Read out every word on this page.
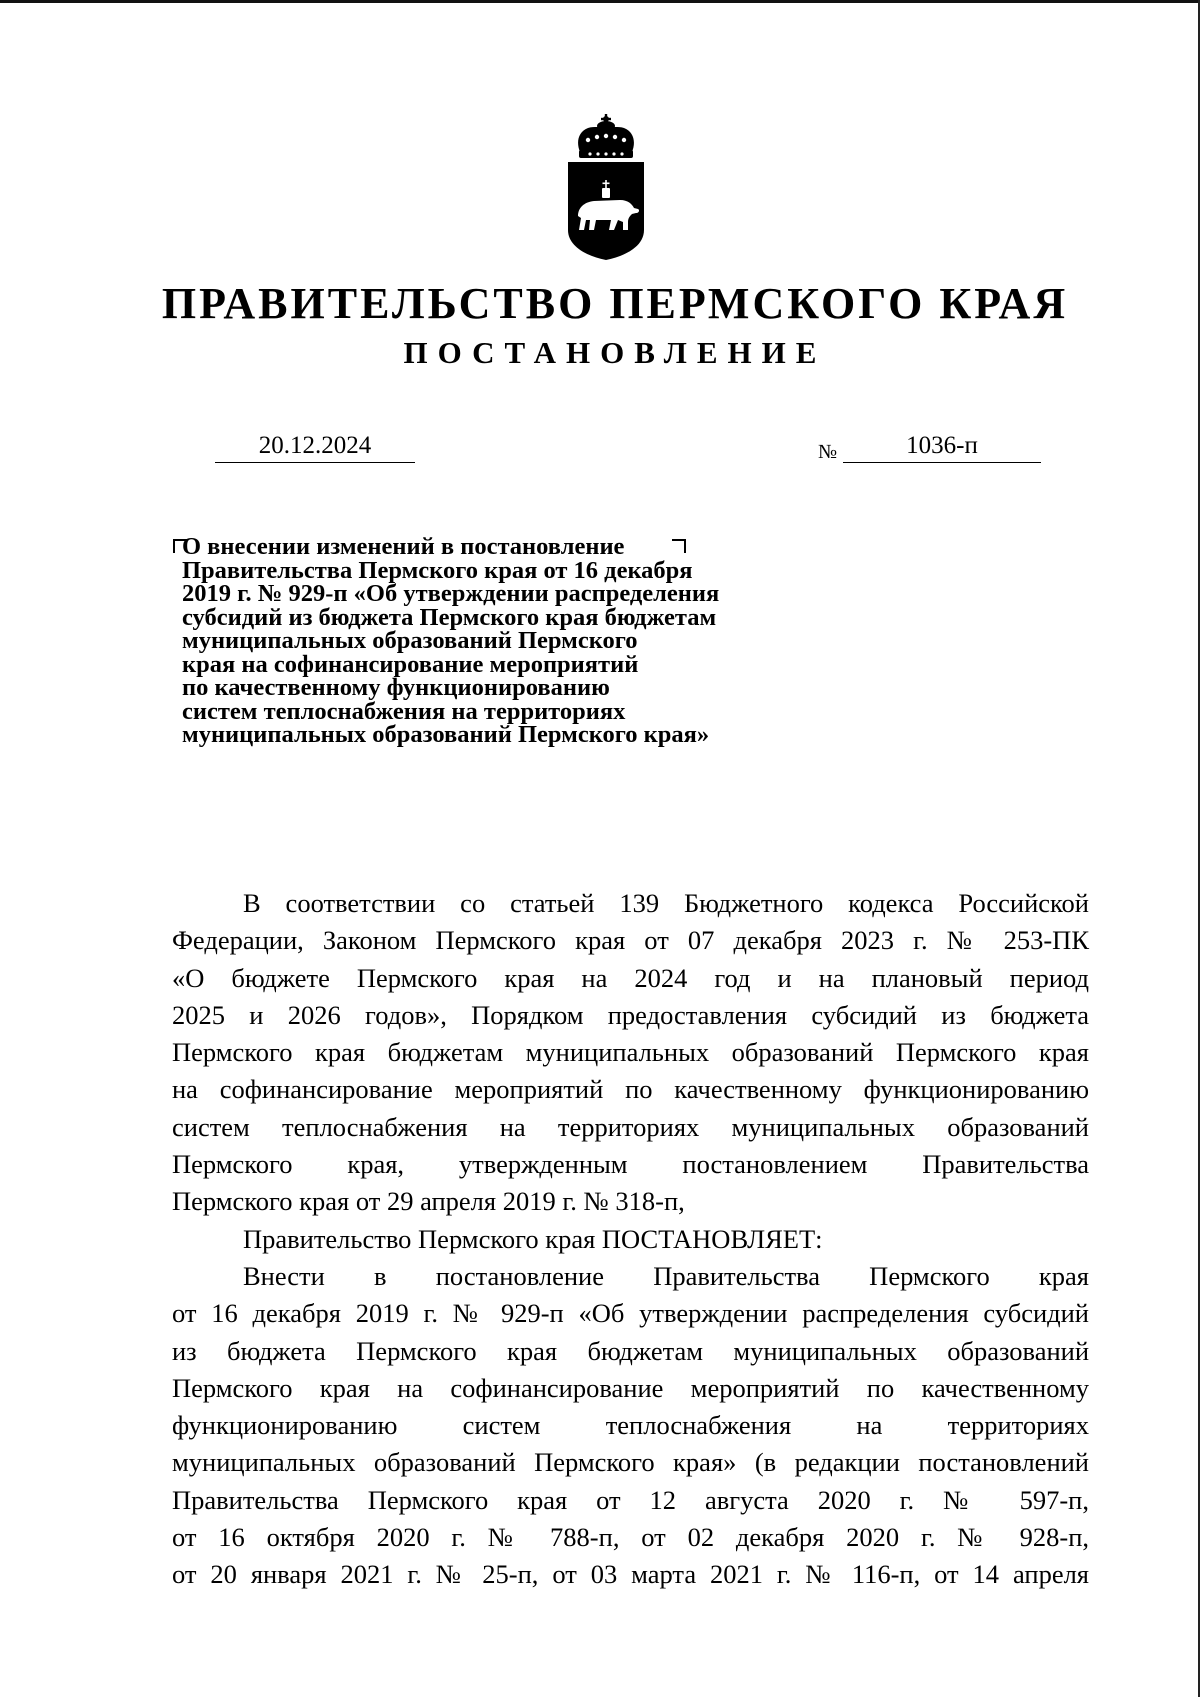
ПРАВИТЕЛЬСТВО ПЕРМСКОГО КРАЯ
ПОСТАНОВЛЕНИЕ
20.12.2024	№	1036-п
О внесении изменений в постановление
Правительства Пермского края от 16 декабря
2019 г. № 929-п «Об утверждении распределения
субсидий из бюджета Пермского края бюджетам
муниципальных образований Пермского
края на софинансирование мероприятий
по качественному функционированию
систем теплоснабжения на территориях
муниципальных образований Пермского края»
В соответствии со статьей 139 Бюджетного кодекса Российской
Федерации, Законом Пермского края от 07 декабря 2023 г. № 253-ПК
«О бюджете Пермского края на 2024 год и на плановый период
2025 и 2026 годов», Порядком предоставления субсидий из бюджета
Пермского края бюджетам муниципальных образований Пермского края
на софинансирование мероприятий по качественному функционированию
систем теплоснабжения на территориях муниципальных образований
Пермского края, утвержденным постановлением Правительства
Пермского края от 29 апреля 2019 г. № 318-п,
Правительство Пермского края ПОСТАНОВЛЯЕТ:
Внести в постановление Правительства Пермского края
от 16 декабря 2019 г. № 929-п «Об утверждении распределения субсидий
из бюджета Пермского края бюджетам муниципальных образований
Пермского края на софинансирование мероприятий по качественному
функционированию систем теплоснабжения на территориях
муниципальных образований Пермского края» (в редакции постановлений
Правительства Пермского края от 12 августа 2020 г. № 597-п,
от 16 октября 2020 г. № 788-п, от 02 декабря 2020 г. № 928-п,
от 20 января 2021 г. № 25-п, от 03 марта 2021 г. № 116-п, от 14 апреля
